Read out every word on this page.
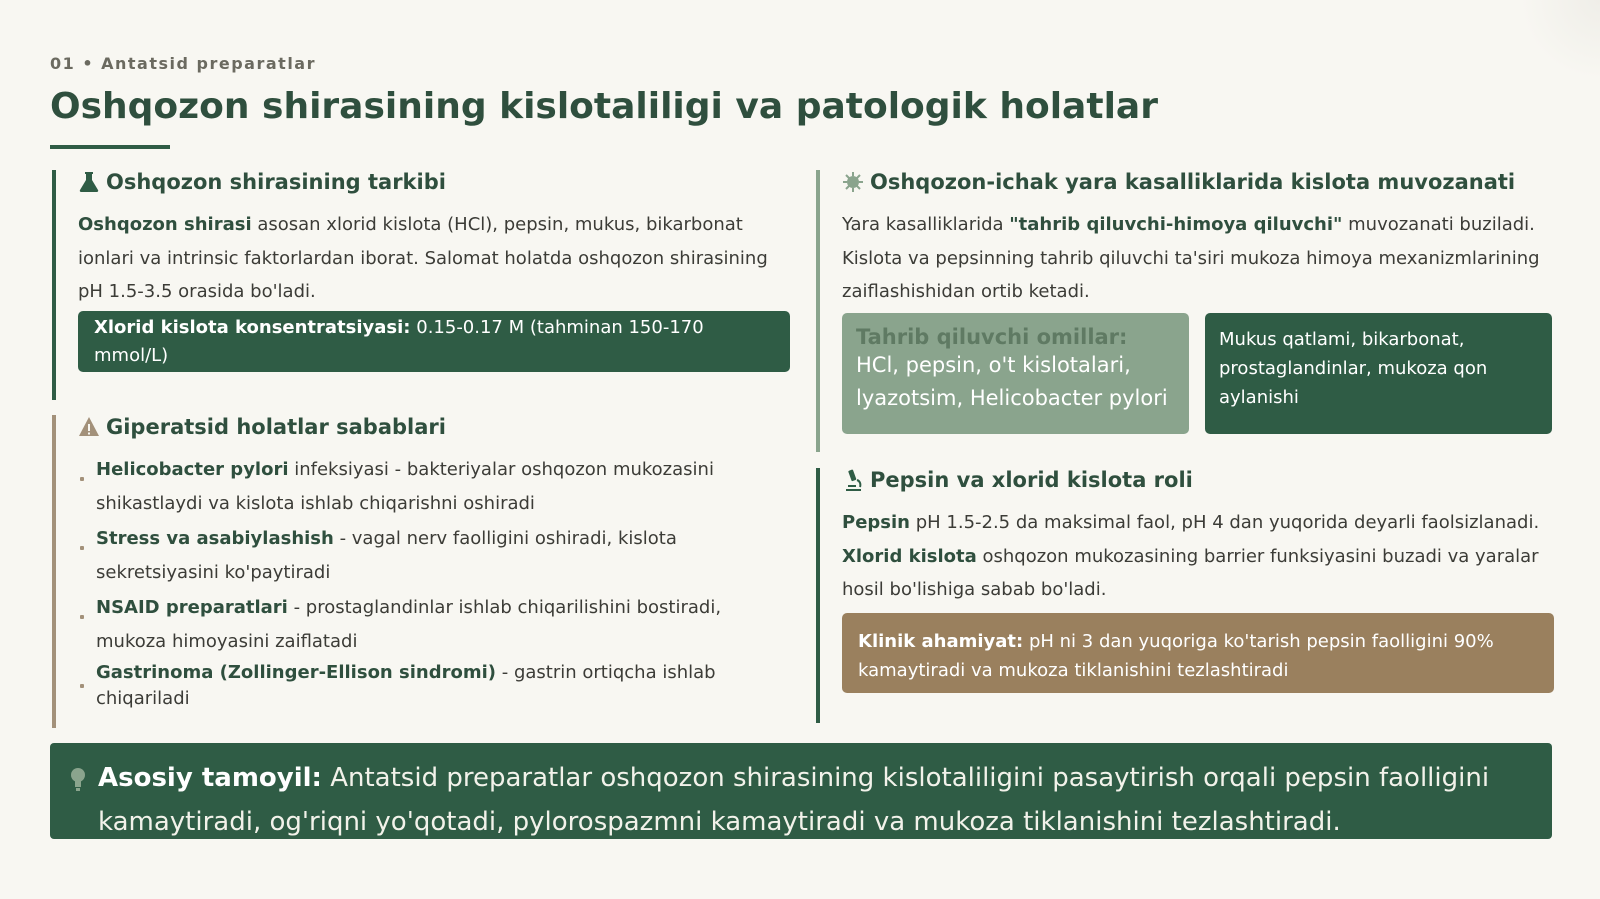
01 • Antatsid preparatlar
Oshqozon shirasining kislotaliligi va patologik holatlar
Oshqozon shirasining tarkibi
Oshqozon shirasi asosan xlorid kislota (HCl), pepsin, mukus, bikarbonat ionlari va intrinsic faktorlardan iborat. Salomat holatda oshqozon shirasining pH 1.5-3.5 orasida bo'ladi.
Xlorid kislota konsentratsiyasi: 0.15-0.17 M (tahminan 150-170 mmol/L)
Giperatsid holatlar sabablari
Helicobacter pylori infeksiyasi - bakteriyalar oshqozon mukozasini shikastlaydi va kislota ishlab chiqarishni oshiradi
Stress va asabiylashish - vagal nerv faolligini oshiradi, kislota sekretsiyasini ko'paytiradi
NSAID preparatlari - prostaglandinlar ishlab chiqarilishini bostiradi, mukoza himoyasini zaiflatadi
Gastrinoma (Zollinger-Ellison sindromi) - gastrin ortiqcha ishlab chiqariladi
Oshqozon-ichak yara kasalliklarida kislota muvozanati
Yara kasalliklarida "tahrib qiluvchi-himoya qiluvchi" muvozanati buziladi. Kislota va pepsinning tahrib qiluvchi ta'siri mukoza himoya mexanizmlarining zaiflashishidan ortib ketadi.
Tahrib qiluvchi omillar:
HCl, pepsin, o't kislotalari, lyazotsim, Helicobacter pylori
Mukus qatlami, bikarbonat, prostaglandinlar, mukoza qon aylanishi
Pepsin va xlorid kislota roli
Pepsin pH 1.5-2.5 da maksimal faol, pH 4 dan yuqorida deyarli faolsizlanadi. Xlorid kislota oshqozon mukozasining barrier funksiyasini buzadi va yaralar hosil bo'lishiga sabab bo'ladi.
Klinik ahamiyat: pH ni 3 dan yuqoriga ko'tarish pepsin faolligini 90% kamaytiradi va mukoza tiklanishini tezlashtiradi
Asosiy tamoyil: Antatsid preparatlar oshqozon shirasining kislotaliligini pasaytirish orqali pepsin faolligini kamaytiradi, og'riqni yo'qotadi, pylorospazmni kamaytiradi va mukoza tiklanishini tezlashtiradi.
